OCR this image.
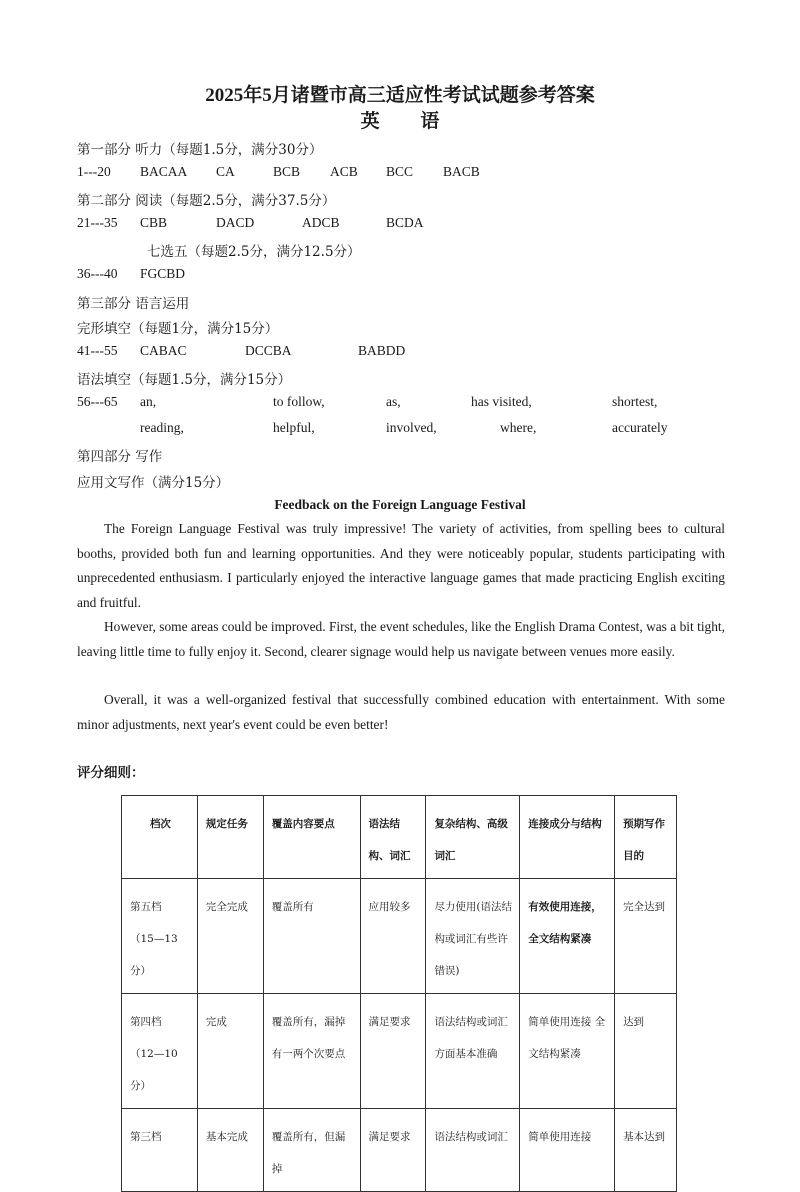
2025年5月诸暨市高三适应性考试试题参考答案
英 语
第一部分 听力（每题1.5分，满分30分）
1---20 BACAA CA	BCB ACB BCC BACB
第二部分 阅读（每题2.5分，满分37.5分）
21---35 CBB	DACD	ADCB	BCDA
七选五（每题2.5分，满分12.5分）
36---40 FGCBD
第三部分 语言运用
完形填空（每题1分，满分15分）
41---55 CABAC	DCCBA	BABDD
语法填空（每题1.5分，满分15分）
56---65 an,	to follow,	as,	has visited,	shortest,
reading,	helpful,	involved,	where,	accurately
第四部分 写作
应用文写作（满分15分）
Feedback on the Foreign Language Festival

The Foreign Language Festival was truly impressive! The variety of activities, from spelling bees to cultural booths, provided both fun and learning opportunities. And they were noticeably popular, students participating with unprecedented enthusiasm. I particularly enjoyed the interactive language games that made practicing English exciting and fruitful.

However, some areas could be improved. First, the event schedules, like the English Drama Contest, was a bit tight, leaving little time to fully enjoy it. Second, clearer signage would help us navigate between venues more easily.

Overall, it was a well-organized festival that successfully combined education with entertainment. With some minor adjustments, next year's event could be even better!

评分细则：
档次	规定任务	覆盖内容要点	语法结构、词汇	复杂结构、高级词汇	连接成分与结构	预期写作目的

第五档
（15—13分）	完全完成	覆盖所有	应用较多	尽力使用(语法结构或词汇有些许错误)	有效使用连接，全文结构紧凑	完全达到

第四档
（12—10分）	完成	覆盖所有，漏掉有一两个次要点	满足要求	语法结构或词汇方面基本准确	简单使用连接 全文结构紧凑	达到

第三档	基本完成	覆盖所有，但漏掉	满足要求	语法结构或词汇	简单使用连接	基本达到
